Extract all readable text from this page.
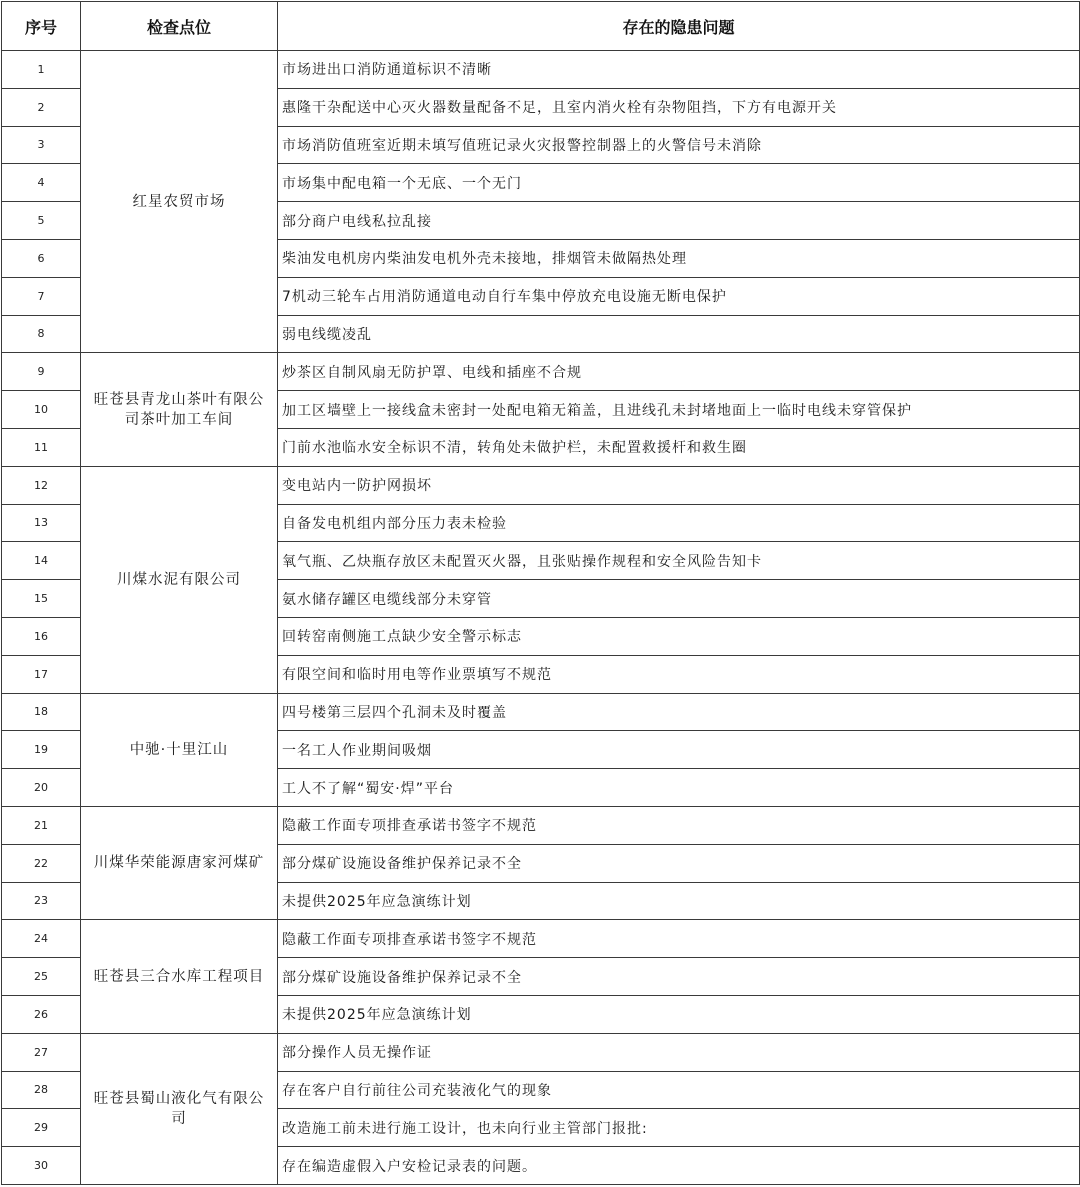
序号	检查点位	存在的隐患问题
1	红星农贸市场	市场进出口消防通道标识不清晰
2		惠隆干杂配送中心灭火器数量配备不足，且室内消火栓有杂物阻挡，下方有电源开关
3		市场消防值班室近期未填写值班记录火灾报警控制器上的火警信号未消除
4		市场集中配电箱一个无底、一个无门
5		部分商户电线私拉乱接
6		柴油发电机房内柴油发电机外壳未接地，排烟管未做隔热处理
7		7机动三轮车占用消防通道电动自行车集中停放充电设施无断电保护
8		弱电线缆凌乱
9	旺苍县青龙山茶叶有限公司茶叶加工车间	炒茶区自制风扇无防护罩、电线和插座不合规
10		加工区墙壁上一接线盒未密封一处配电箱无箱盖，且进线孔未封堵地面上一临时电线未穿管保护
11		门前水池临水安全标识不清，转角处未做护栏，未配置救援杆和救生圈
12	川煤水泥有限公司	变电站内一防护网损坏
13		自备发电机组内部分压力表未检验
14		氧气瓶、乙炔瓶存放区未配置灭火器，且张贴操作规程和安全风险告知卡
15		氨水储存罐区电缆线部分未穿管
16		回转窑南侧施工点缺少安全警示标志
17		有限空间和临时用电等作业票填写不规范
18	中驰·十里江山	四号楼第三层四个孔洞未及时覆盖
19		一名工人作业期间吸烟
20		工人不了解“蜀安·焊”平台
21	川煤华荣能源唐家河煤矿	隐蔽工作面专项排查承诺书签字不规范
22		部分煤矿设施设备维护保养记录不全
23		未提供2025年应急演练计划
24	旺苍县三合水库工程项目	隐蔽工作面专项排查承诺书签字不规范
25		部分煤矿设施设备维护保养记录不全
26		未提供2025年应急演练计划
27	旺苍县蜀山液化气有限公司	部分操作人员无操作证
28		存在客户自行前往公司充装液化气的现象
29		改造施工前未进行施工设计，也未向行业主管部门报批:
30		存在编造虚假入户安检记录表的问题。
